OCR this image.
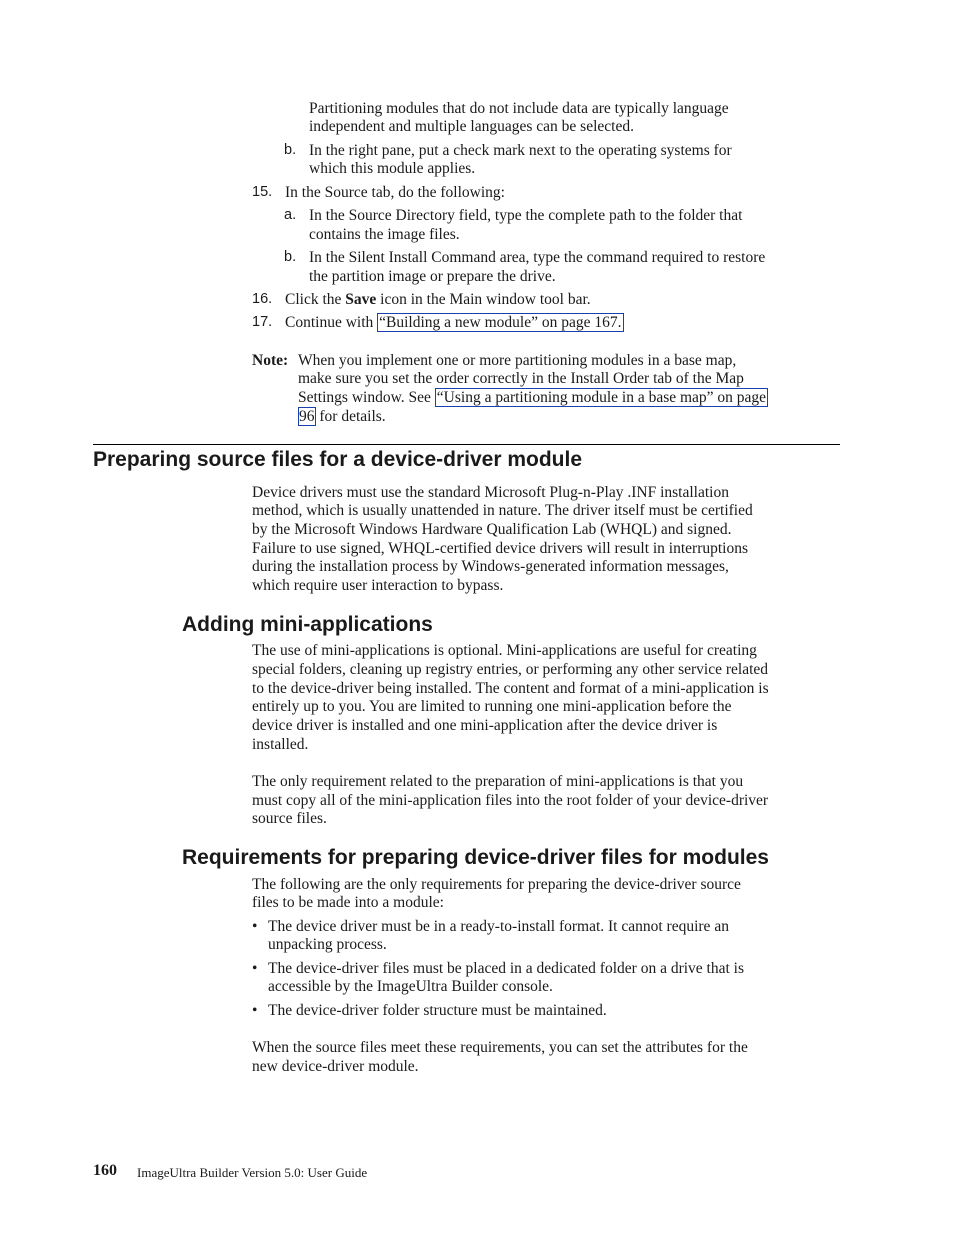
Partitioning modules that do not include data are typically language
independent and multiple languages can be selected.
b. In the right pane, put a check mark next to the operating systems for
which this module applies.
15. In the Source tab, do the following:
a. In the Source Directory field, type the complete path to the folder that
contains the image files.
b. In the Silent Install Command area, type the command required to restore
the partition image or prepare the drive.
16. Click the Save icon in the Main window tool bar.
17. Continue with “Building a new module” on page 167.
Note: When you implement one or more partitioning modules in a base map,
make sure you set the order correctly in the Install Order tab of the Map
Settings window. See “Using a partitioning module in a base map” on page
96 for details.
Preparing source files for a device-driver module
Device drivers must use the standard Microsoft Plug-n-Play .INF installation
method, which is usually unattended in nature. The driver itself must be certified
by the Microsoft Windows Hardware Qualification Lab (WHQL) and signed.
Failure to use signed, WHQL-certified device drivers will result in interruptions
during the installation process by Windows-generated information messages,
which require user interaction to bypass.
Adding mini-applications
The use of mini-applications is optional. Mini-applications are useful for creating
special folders, cleaning up registry entries, or performing any other service related
to the device-driver being installed. The content and format of a mini-application is
entirely up to you. You are limited to running one mini-application before the
device driver is installed and one mini-application after the device driver is
installed.
The only requirement related to the preparation of mini-applications is that you
must copy all of the mini-application files into the root folder of your device-driver
source files.
Requirements for preparing device-driver files for modules
The following are the only requirements for preparing the device-driver source
files to be made into a module:
• The device driver must be in a ready-to-install format. It cannot require an
unpacking process.
• The device-driver files must be placed in a dedicated folder on a drive that is
accessible by the ImageUltra Builder console.
• The device-driver folder structure must be maintained.
When the source files meet these requirements, you can set the attributes for the
new device-driver module.
160 ImageUltra Builder Version 5.0: User Guide
